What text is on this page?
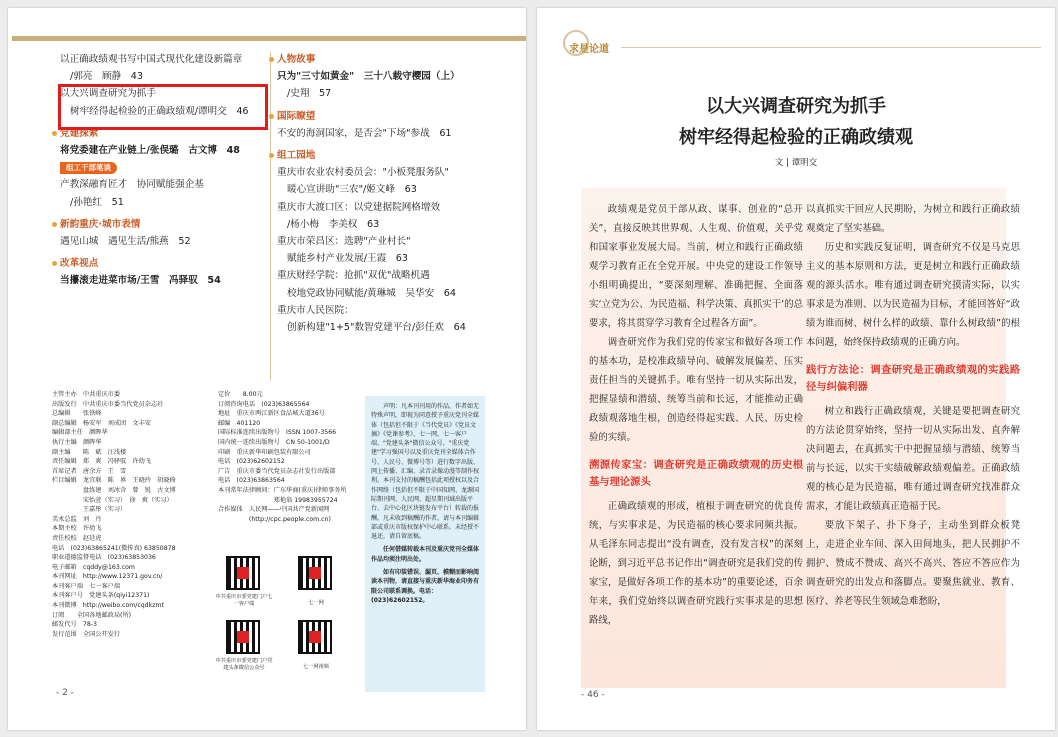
以正确政绩观书写中国式现代化建设新篇章
/郭亮　顾静　43
以大兴调查研究为抓手
树牢经得起检验的正确政绩观/谭明交　46
党建探索
将党委建在产业链上/张俣璐　古文博　48
组工干部笔谈
产教深融育匠才　协同赋能强企基
/孙艳红　51
新韵重庆·城市表情
遇见山城　遇见生活/熊燕　52
改革视点
当攥滚走进菜市场/王雪　冯驿驭　54
人物故事
只为"三寸如黄金"　三十八载守樱园（上）
/史翔　57
国际瞭望
不安的海洞国家，是否会"下场"参战　61
组工园地
重庆市农业农村委员会："小板凳服务队"
暖心宣讲助"三农"/姬文峰　63
重庆市大渡口区：以党建据院网格增效
/杨小梅　李美权　63
重庆市荣昌区：选聘"产业村长"
赋能乡村产业发展/王霞　63
重庆财经学院：抢抓"双优"战略机遇
校地党政协同赋能/黄琳城　吴华安　64
重庆市人民医院：
创新构建"1+5"数智党建平台/彭任欢　64
主管主办　中共重庆市委
出版发行　中共重庆市委当代党员杂志社
总编辑　　张铁峰
副总编辑　杨安军　刘成团　文丰安
编辑部主任　颜晖华
执行主编　颜晖华
副主编　　陈　斌　汪浅楼
责任编辑　郑　爽　冯驿驭　许幼飞
首席记者　唐余方　王　雪
栏目编辑　龙宜联　陈　界　王晓玲　胡晓倚
　　　　　盘练建　刘冰含　曾　锐　古文博
　　　　　宋怡萱（实习）　徐　爽（实习）
　　　　　王嘉彤（实习）
美术总监　刘　丹
本期主校　许幼飞
责任校校　赵廷虎
电话　(023)63865241(微传真) 63850878
职业道德监督电话　(023)63853036
电子邮箱　cqddy@163.com
本刊网址　http://www.12371.gov.cn/
本刊客户端　七一客户端
本刊客户号　党建头条(qiyi12371)
本刊微博　http://weibo.com/cqdkzmt
订阅　　全国各地邮政局(所)
邮发代号　78-3
发行范围　全国公开发行
定价　　8.00元
订阅咨询电话　(023)63865564
地址　重庆市两江新区食品城大道36号
邮编　401120
国际标准连续出版物号　ISSN 1007-3566
国内统一连续出版物号　CN 50-1001/D
印刷　重庆新华印刷包装有限公司
电话　(023)62602152
广告　重庆市委当代党员杂志社发行出版部
电话　(023)63863564
本刊常年法律顾问：广东华商(重庆)律师事务所
　　　　　　　　　郑艳翁 19983955724
合作媒体　人民网——中国共产党新闻网
　　　　　(http://cpc.people.com.cn)
中共重庆市委党建门户七一客户端	七一网
中共重庆市委党建门户党建头条微信公众号	七一网视频

声明：凡本刊刊用的作品，作者如无特殊声明，即视为同意授予重庆党刊全媒体（包括但不限于《当代党员》《党员文摘》《党课参考》、七一网、七一客户端、"党建头条"微信公众号、"重庆党建"学习强国号以及重庆党刊全媒体合作号、人民号、微博号等）进行数字出版、网上传播、汇编、录音录像动漫等制作权利。本刊支付的稿酬包括此项授权以及合作网络（包括但不限于中国知网、龙源国际期刊网、人民网、超星期刊域出版平台、去中心化区块链发布平台）转载的报酬。凡未收到稿酬的作者，请与本刊编辑部或重庆市版权保护中心联系。未经授不退还，请自留底稿。

任何借媒转载本刊及重庆党刊全媒体作品均须注明出处。

如有印装错误、漏页、模糊而影响阅读本刊物，请直接与重庆新华海业印务有限公司联系调换。电话：(023)62602152。

- 2 -
求是论道
以大兴调查研究为抓手
树牢经得起检验的正确政绩观
文 | 谭明交

政绩观是党员干部从政、谋事、创业的“总开关”，直接反映其世界观、人生观、价值观，关乎党和国家事业发展大局。当前，树立和践行正确政绩观学习教育正在全党开展。中央党的建设工作领导小组明确提出，“要深刻理解、准确把握、全面落实‘立党为公、为民造福、科学决策、真抓实干’的总要求，将其贯穿学习教育全过程各方面”。

调查研究作为我们党的传家宝和做好各项工作的基本功，是校准政绩导向、破解发展偏差、压实责任担当的关键抓手。唯有坚持一切从实际出发，把握显绩和潜绩、统筹当前和长远，才能推动正确政绩观落地生根，创造经得起实践、人民、历史检验的实绩。

溯源传家宝：调查研究是正确政绩观的历史根基与理论源头

正确政绩观的形成，植根于调查研究的优良传统，与实事求是、为民造福的核心要求同频共振。从毛泽东同志提出“没有调查，没有发言权”的深刻论断，到习近平总书记作出“调查研究是我们党的传家宝，是做好各项工作的基本功”的重要论述，百余年来，我们党始终以调查研究践行实事求是的思想路线，

以真抓实干回应人民期盼，为树立和践行正确政绩观奠定了坚实基础。

历史和实践反复证明，调查研究不仅是马克思主义的基本原则和方法，更是树立和践行正确政绩观的源头活水。唯有通过调查研究摸清实际，以实事求是为准则、以为民造福为目标，才能回答好“政绩为谁而树、树什么样的政绩、靠什么树政绩”的根本问题，始终保持政绩观的正确方向。

践行方法论：调查研究是正确政绩观的实践路径与纠偏利器

树立和践行正确政绩观，关键是要把调查研究的方法论贯穿始终，坚持一切从实际出发、直奔解决问题去，在真抓实干中把握显绩与潜绩、统筹当前与长远，以实干实绩破解政绩观偏差。正确政绩观的核心是为民造福，唯有通过调查研究找准群众需求，才能让政绩真正造福于民。

要放下架子、扑下身子，主动坐到群众板凳上，走进企业车间、深入田间地头，把人民拥护不拥护、赞成不赞成、高兴不高兴、答应不答应作为调查研究的出发点和落脚点。要聚焦就业、教育、医疗、养老等民生领域急难愁盼，

- 46 -
